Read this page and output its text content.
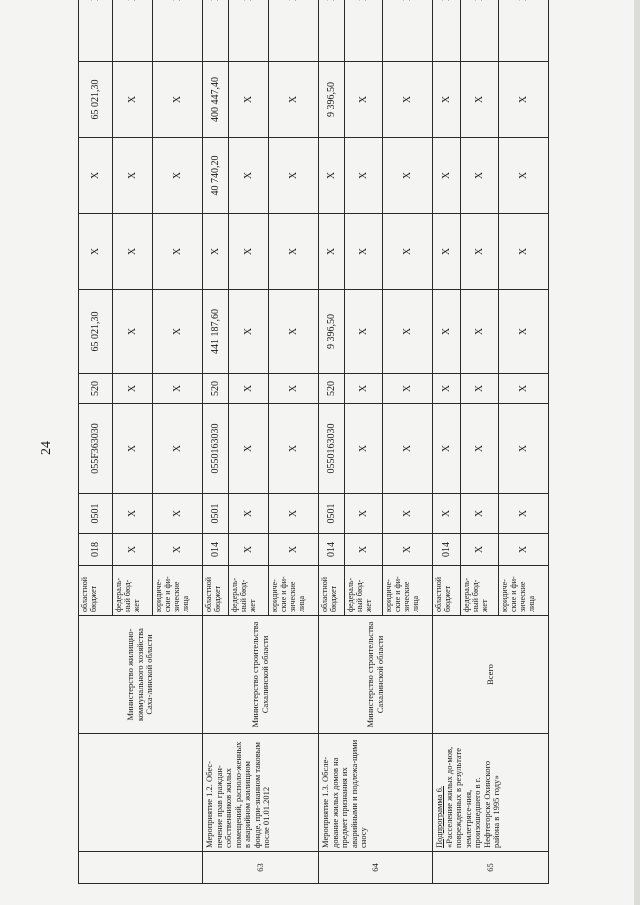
24
		Министерство жилищно-коммунального хозяйства Саха-линской области	областной бюджет	018	0501	055F363030	520	65 021,30	Х	Х	65 021,30	
			федераль-ный бюд-жет	Х	Х	Х	Х	Х	Х	Х	Х	
			юридиче-ские и фи-зические лица	Х	Х	Х	Х	Х	Х	Х	Х	
63	Мероприятие 1.2. Обес-печение прав граждан-собственников жилых помещений, располо-женных в аварийном жилищном фонде, при-знанном таковым после 01.01.2012	Министерство строительства Сахалинской области	областной бюджет	014	0501	0550163030	520	441 187,60	Х	40 740,20	400 447,40	
			федераль-ный бюд-жет	Х	Х	Х	Х	Х	Х	Х	Х	
			юридиче-ские и фи-зические лица	Х	Х	Х	Х	Х	Х	Х	Х	
64	Мероприятие 1.3. Обсле-дование жилых домов на предмет признания их аварийными и подлежа-щими сносу	Министерство строительства Сахалинской области	областной бюджет	014	0501	0550163030	520	9 396,50	Х	Х	9 396,50	
			федераль-ный бюд-жет	Х	Х	Х	Х	Х	Х	Х	Х	
			юридиче-ские и фи-зические лица	Х	Х	Х	Х	Х	Х	Х	Х	
65	Подпрограмма 6.
«Расселение жилых до-мов, поврежденных в результате землетрясе-ния, произошедшего в г. Нефтегорске Охинского района в 1995 году»	Всего	областной бюджет	014	Х	Х	Х	Х	Х	Х	Х	
			федераль-ный бюд-жет	Х	Х	Х	Х	Х	Х	Х	Х	
			юридиче-ские и фи-зические лица	Х	Х	Х	Х	Х	Х	Х	Х	
